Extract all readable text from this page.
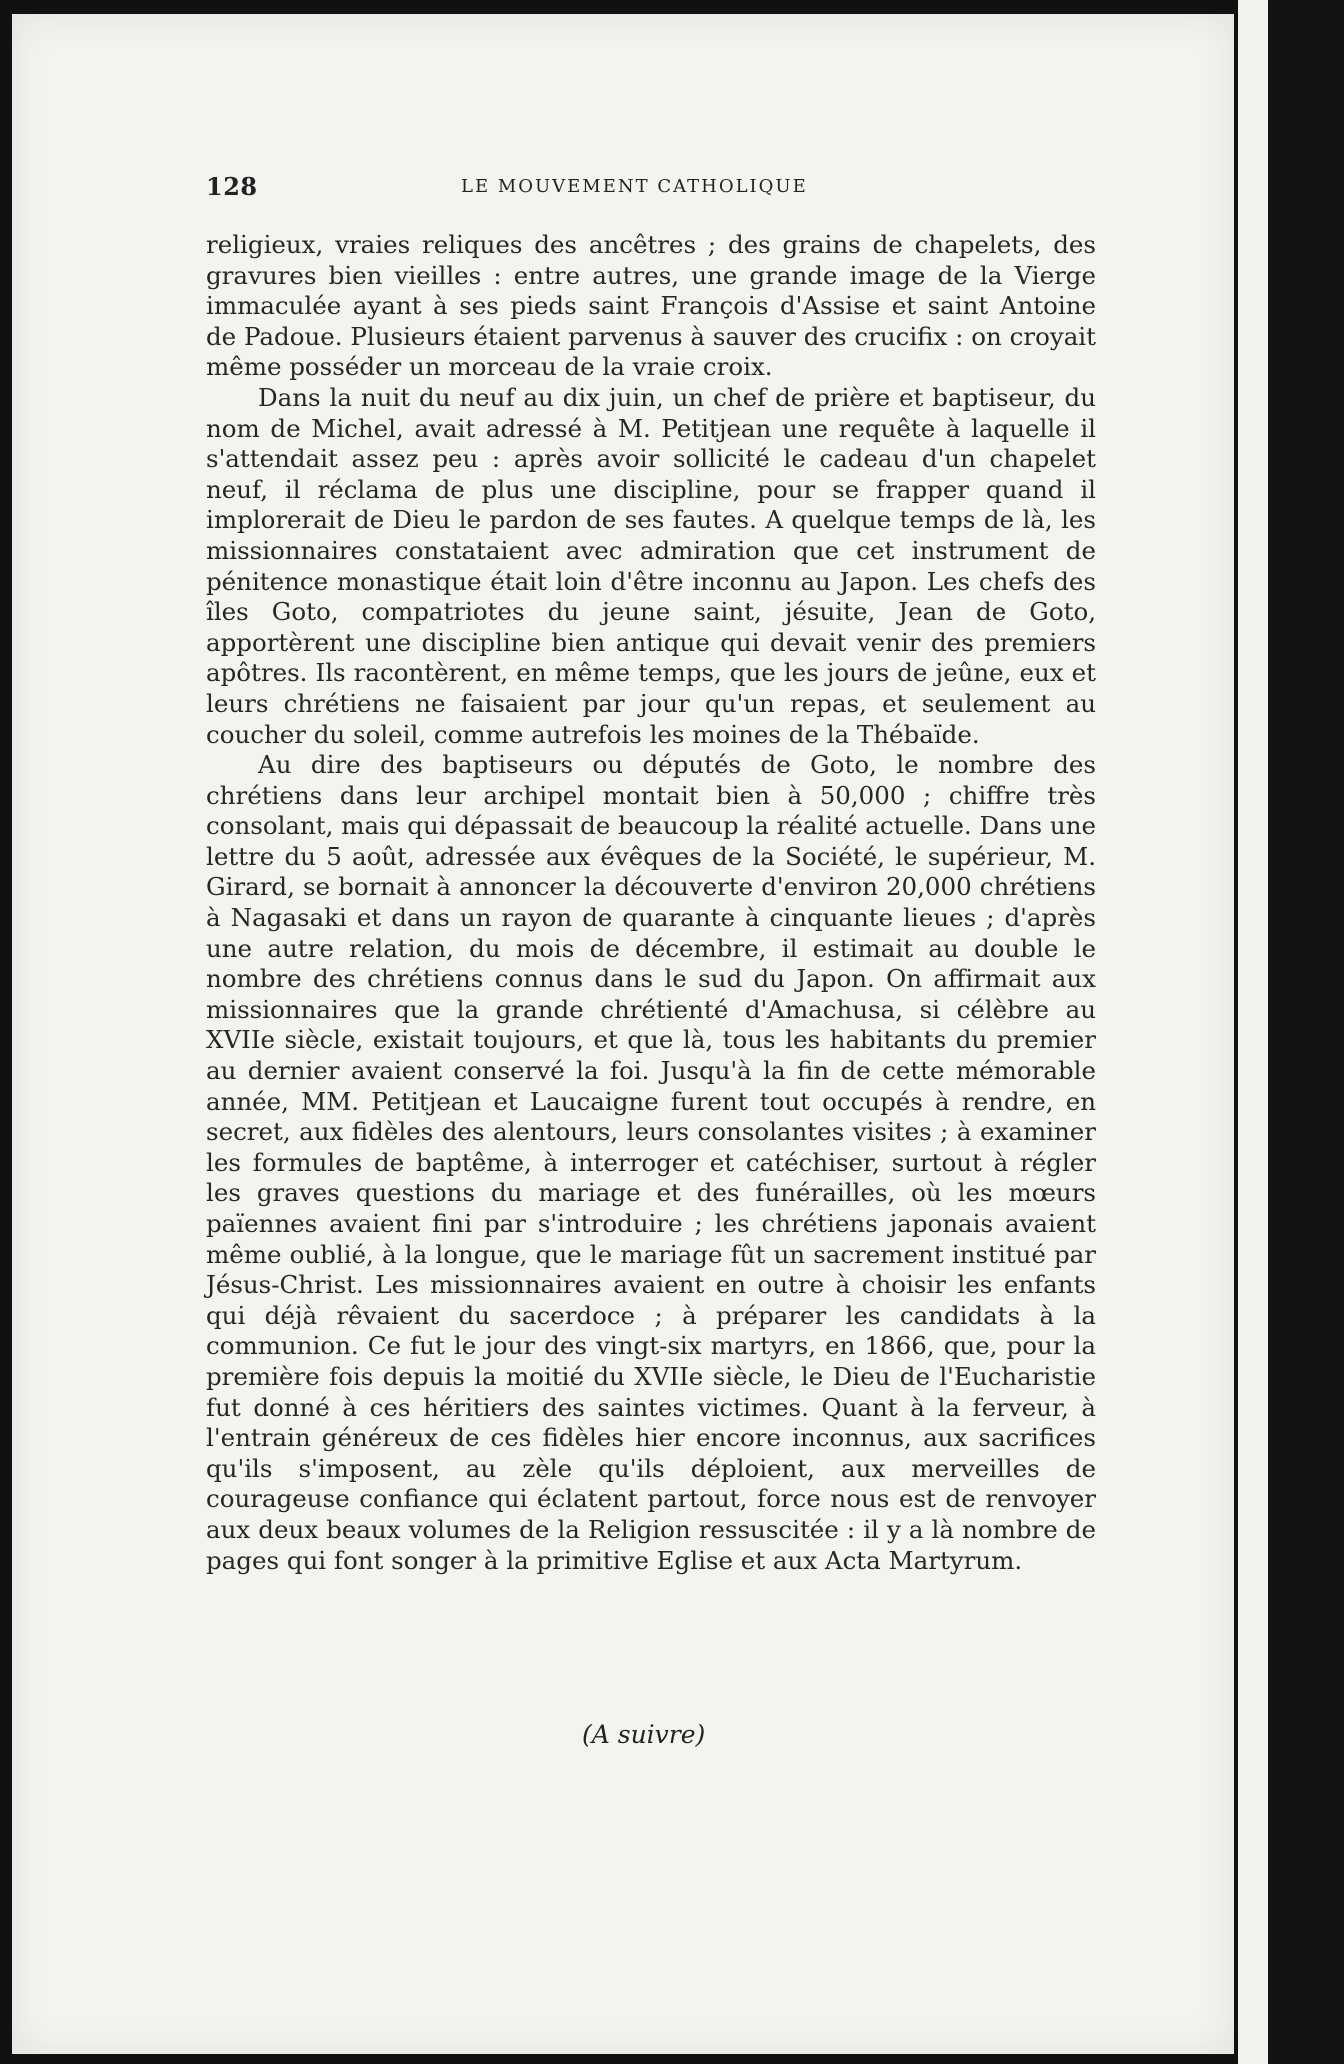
128	LE MOUVEMENT CATHOLIQUE

religieux, vraies reliques des ancêtres ; des grains de chapelets, des gravures bien vieilles : entre autres, une grande image de la Vierge immaculée ayant à ses pieds saint François d'Assise et saint Antoine de Padoue. Plusieurs étaient parvenus à sauver des crucifix : on croyait même posséder un morceau de la vraie croix.

Dans la nuit du neuf au dix juin, un chef de prière et baptiseur, du nom de Michel, avait adressé à M. Petitjean une requête à laquelle il s'attendait assez peu : après avoir sollicité le cadeau d'un chapelet neuf, il réclama de plus une discipline, pour se frapper quand il implorerait de Dieu le pardon de ses fautes. A quelque temps de là, les missionnaires constataient avec admiration que cet instrument de pénitence monastique était loin d'être inconnu au Japon. Les chefs des îles Goto, compatriotes du jeune saint, jésuite, Jean de Goto, apportèrent une discipline bien antique qui devait venir des premiers apôtres. Ils racontèrent, en même temps, que les jours de jeûne, eux et leurs chrétiens ne faisaient par jour qu'un repas, et seulement au coucher du soleil, comme autrefois les moines de la Thébaïde.

Au dire des baptiseurs ou députés de Goto, le nombre des chrétiens dans leur archipel montait bien à 50,000 ; chiffre très consolant, mais qui dépassait de beaucoup la réalité actuelle. Dans une lettre du 5 août, adressée aux évêques de la Société, le supérieur, M. Girard, se bornait à annoncer la découverte d'environ 20,000 chrétiens à Nagasaki et dans un rayon de quarante à cinquante lieues ; d'après une autre relation, du mois de décembre, il estimait au double le nombre des chrétiens connus dans le sud du Japon. On affirmait aux missionnaires que la grande chrétienté d'Amachusa, si célèbre au XVIIe siècle, existait toujours, et que là, tous les habitants du premier au dernier avaient conservé la foi. Jusqu'à la fin de cette mémorable année, MM. Petitjean et Laucaigne furent tout occupés à rendre, en secret, aux fidèles des alentours, leurs consolantes visites ; à examiner les formules de baptême, à interroger et catéchiser, surtout à régler les graves questions du mariage et des funérailles, où les mœurs païennes avaient fini par s'introduire ; les chrétiens japonais avaient même oublié, à la longue, que le mariage fût un sacrement institué par Jésus-Christ. Les missionnaires avaient en outre à choisir les enfants qui déjà rêvaient du sacerdoce ; à préparer les candidats à la communion. Ce fut le jour des vingt-six martyrs, en 1866, que, pour la première fois depuis la moitié du XVIIe siècle, le Dieu de l'Eucharistie fut donné à ces héritiers des saintes victimes. Quant à la ferveur, à l'entrain généreux de ces fidèles hier encore inconnus, aux sacrifices qu'ils s'imposent, au zèle qu'ils déploient, aux merveilles de courageuse confiance qui éclatent partout, force nous est de renvoyer aux deux beaux volumes de la Religion ressuscitée : il y a là nombre de pages qui font songer à la primitive Eglise et aux Acta Martyrum.

(A suivre)
